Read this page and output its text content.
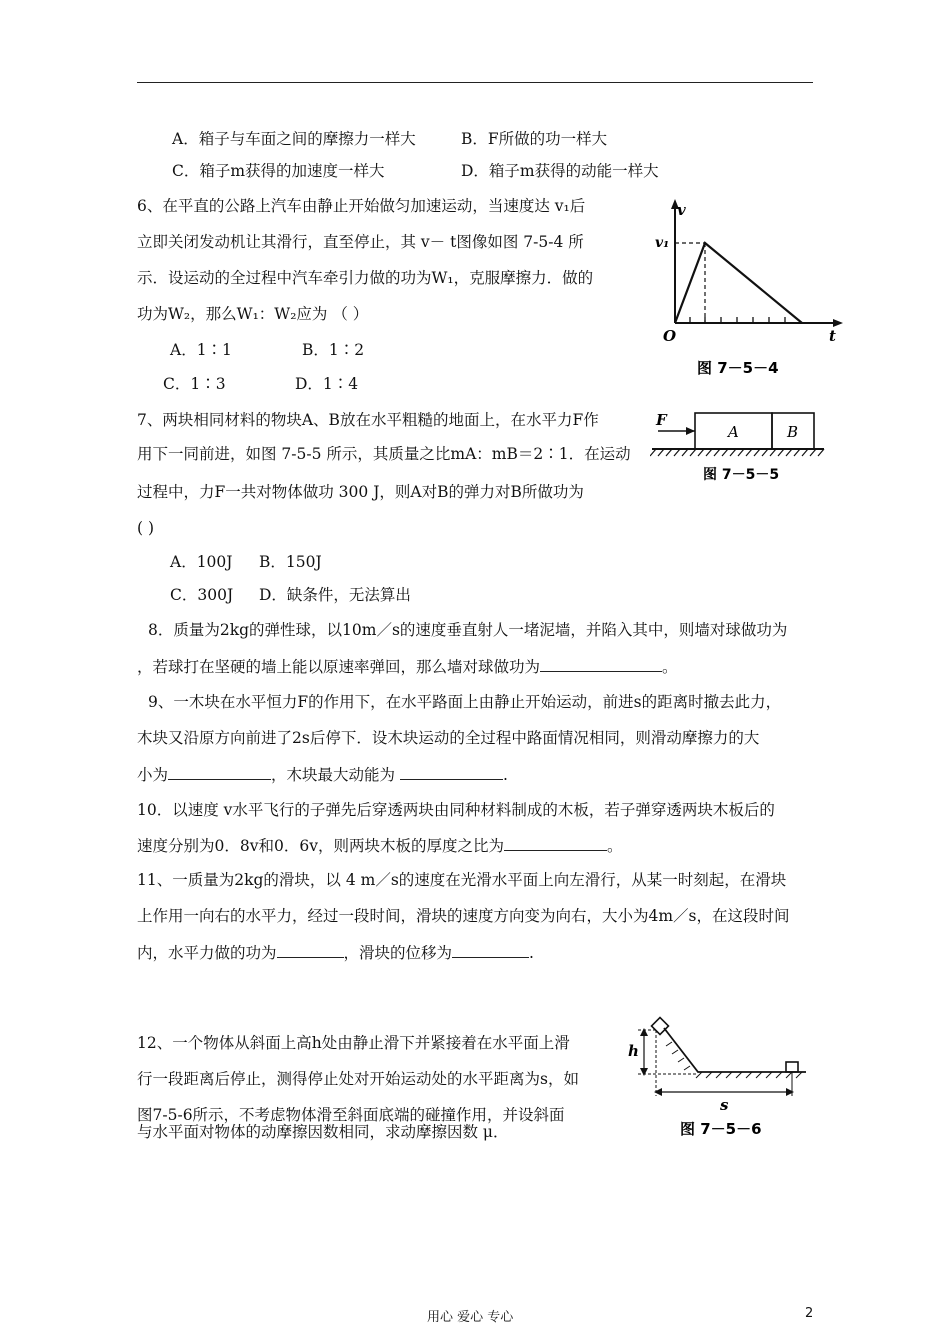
A．箱子与车面之间的摩擦力一样大	B．F所做的功一样大
C．箱子m获得的加速度一样大	D．箱子m获得的动能一样大
6、在平直的公路上汽车由静止开始做匀加速运动，当速度达 v₁后
立即关闭发动机让其滑行，直至停止，其 v－ t图像如图 7-5-4 所
示．设运动的全过程中汽车牵引力做的功为W₁，克服摩擦力．做的
功为W₂，那么W₁：W₂应为 （ ）
A．1∶1	B．1∶2
C．1∶3	D．1∶4
v
v₁
O	t
图 7－5－4
7、两块相同材料的物块A、B放在水平粗糙的地面上，在水平力F作
用下一同前进，如图 7-5-5 所示，其质量之比mA：mB＝2∶1．在运动
过程中，力F一共对物体做功 300 J，则A对B的弹力对B所做功为
( )
A．100J B．150J
C．300J D．缺条件，无法算出
F
A	B
图 7－5－5
8．质量为2kg的弹性球，以10m／s的速度垂直射人一堵泥墙，并陷入其中，则墙对球做功为
，若球打在坚硬的墙上能以原速率弹回，那么墙对球做功为	。
9、一木块在水平恒力F的作用下，在水平路面上由静止开始运动，前进s的距离时撤去此力，
木块又沿原方向前进了2s后停下．设木块运动的全过程中路面情况相同，则滑动摩擦力的大
小为	，木块最大动能为	.
10．以速度 v水平飞行的子弹先后穿透两块由同种材料制成的木板，若子弹穿透两块木板后的
速度分别为0．8v和0．6v，则两块木板的厚度之比为	。
11、一质量为2kg的滑块，以 4 m／s的速度在光滑水平面上向左滑行，从某一时刻起，在滑块
上作用一向右的水平力，经过一段时间，滑块的速度方向变为向右，大小为4m／s，在这段时间
内，水平力做的功为	，滑块的位移为	.
12、一个物体从斜面上高h处由静止滑下并紧接着在水平面上滑
行一段距离后停止，测得停止处对开始运动处的水平距离为s，如
图7-5-6所示，不考虑物体滑至斜面底端的碰撞作用，并设斜面
与水平面对物体的动摩擦因数相同，求动摩擦因数 μ．
h
s
图 7－5－6
用心 爱心 专心	2
